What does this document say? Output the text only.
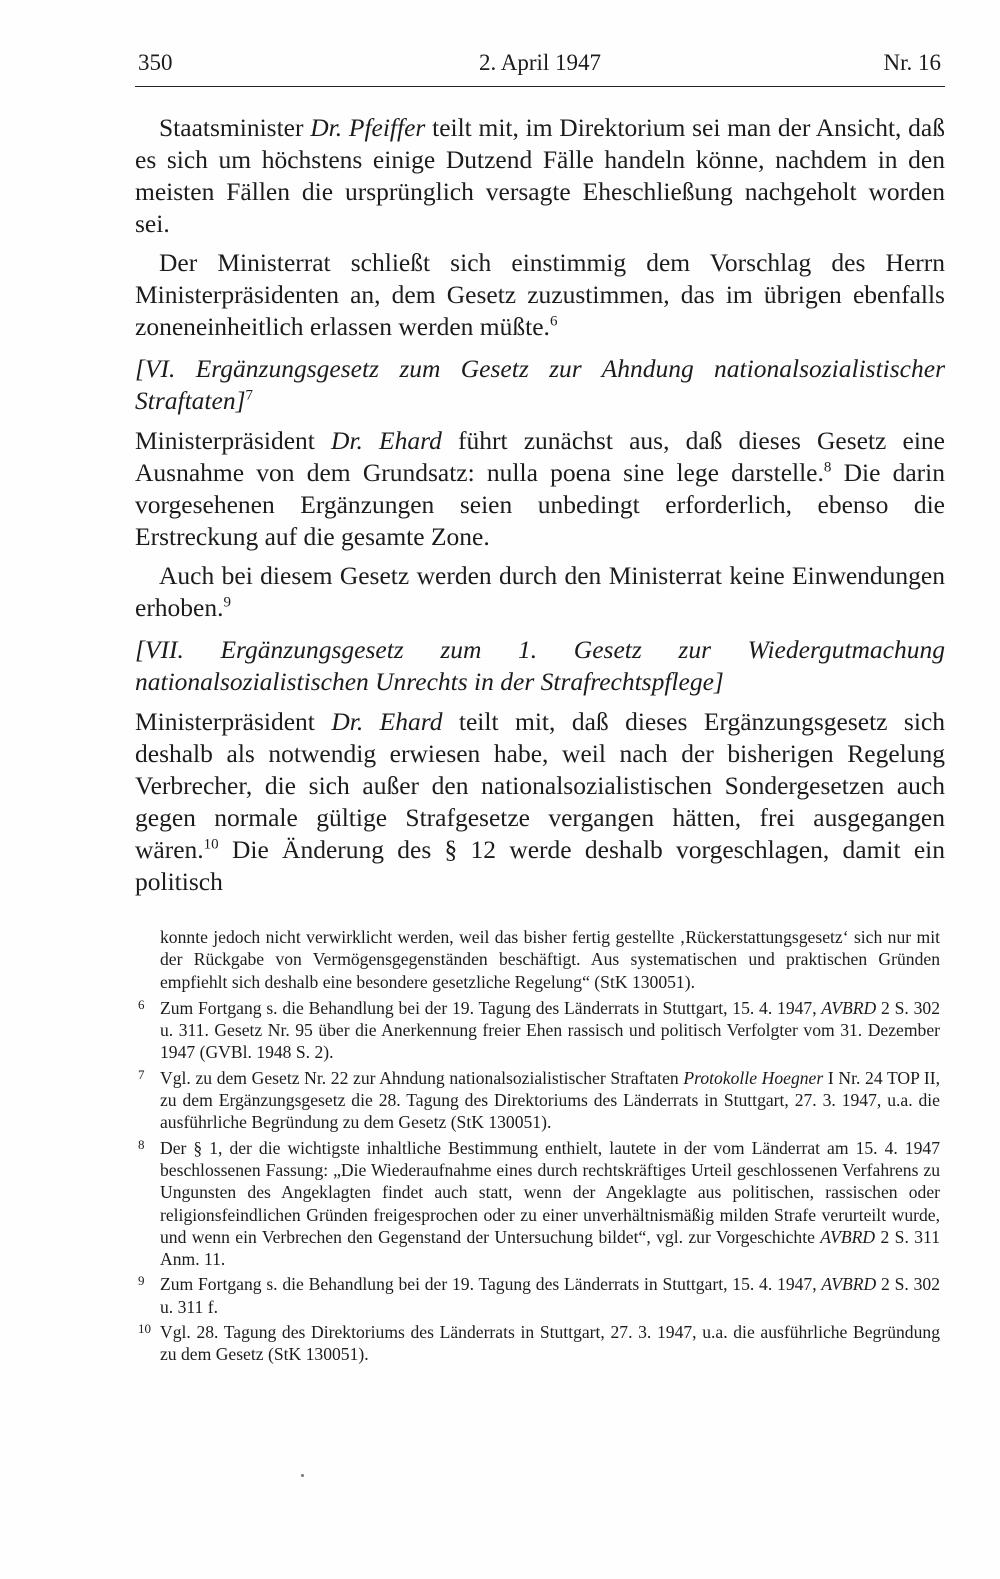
350	2. April 1947	Nr. 16

Staatsminister Dr. Pfeiffer teilt mit, im Direktorium sei man der Ansicht, daß es sich um höchstens einige Dutzend Fälle handeln könne, nachdem in den meisten Fällen die ursprünglich versagte Eheschließung nachgeholt worden sei.

Der Ministerrat schließt sich einstimmig dem Vorschlag des Herrn Ministerpräsidenten an, dem Gesetz zuzustimmen, das im übrigen ebenfalls zoneneinheitlich erlassen werden müßte.$^6$

[VI. Ergänzungsgesetz zum Gesetz zur Ahndung nationalsozialistischer Straftaten]$^7$

Ministerpräsident Dr. Ehard führt zunächst aus, daß dieses Gesetz eine Ausnahme von dem Grundsatz: nulla poena sine lege darstelle.$^8$ Die darin vorgesehenen Ergänzungen seien unbedingt erforderlich, ebenso die Erstreckung auf die gesamte Zone.

Auch bei diesem Gesetz werden durch den Ministerrat keine Einwendungen erhoben.$^9$

[VII. Ergänzungsgesetz zum 1. Gesetz zur Wiedergutmachung nationalsozialistischen Unrechts in der Strafrechtspflege]

Ministerpräsident Dr. Ehard teilt mit, daß dieses Ergänzungsgesetz sich deshalb als notwendig erwiesen habe, weil nach der bisherigen Regelung Verbrecher, die sich außer den nationalsozialistischen Sondergesetzen auch gegen normale gültige Strafgesetze vergangen hätten, frei ausgegangen wären.$^{10}$ Die Änderung des § 12 werde deshalb vorgeschlagen, damit ein politisch

konnte jedoch nicht verwirklicht werden, weil das bisher fertig gestellte ‚Rückerstattungsgesetz‘ sich nur mit der Rückgabe von Vermögensgegenständen beschäftigt. Aus systematischen und praktischen Gründen empfiehlt sich deshalb eine besondere gesetzliche Regelung“ (StK 130051).

6 Zum Fortgang s. die Behandlung bei der 19. Tagung des Länderrats in Stuttgart, 15. 4. 1947, AVBRD 2 S. 302 u. 311. Gesetz Nr. 95 über die Anerkennung freier Ehen rassisch und politisch Verfolgter vom 31. Dezember 1947 (GVBl. 1948 S. 2).
7 Vgl. zu dem Gesetz Nr. 22 zur Ahndung nationalsozialistischer Straftaten Protokolle Hoegner I Nr. 24 TOP II, zu dem Ergänzungsgesetz die 28. Tagung des Direktoriums des Länderrats in Stuttgart, 27. 3. 1947, u.a. die ausführliche Begründung zu dem Gesetz (StK 130051).
8 Der § 1, der die wichtigste inhaltliche Bestimmung enthielt, lautete in der vom Länderrat am 15. 4. 1947 beschlossenen Fassung: „Die Wiederaufnahme eines durch rechtskräftiges Urteil geschlossenen Verfahrens zu Ungunsten des Angeklagten findet auch statt, wenn der Angeklagte aus politischen, rassischen oder religionsfeindlichen Gründen freigesprochen oder zu einer unverhältnismäßig milden Strafe verurteilt wurde, und wenn ein Verbrechen den Gegenstand der Untersuchung bildet“, vgl. zur Vorgeschichte AVBRD 2 S. 311 Anm. 11.
9 Zum Fortgang s. die Behandlung bei der 19. Tagung des Länderrats in Stuttgart, 15. 4. 1947, AVBRD 2 S. 302 u. 311 f.
10 Vgl. 28. Tagung des Direktoriums des Länderrats in Stuttgart, 27. 3. 1947, u.a. die ausführliche Begründung zu dem Gesetz (StK 130051).
